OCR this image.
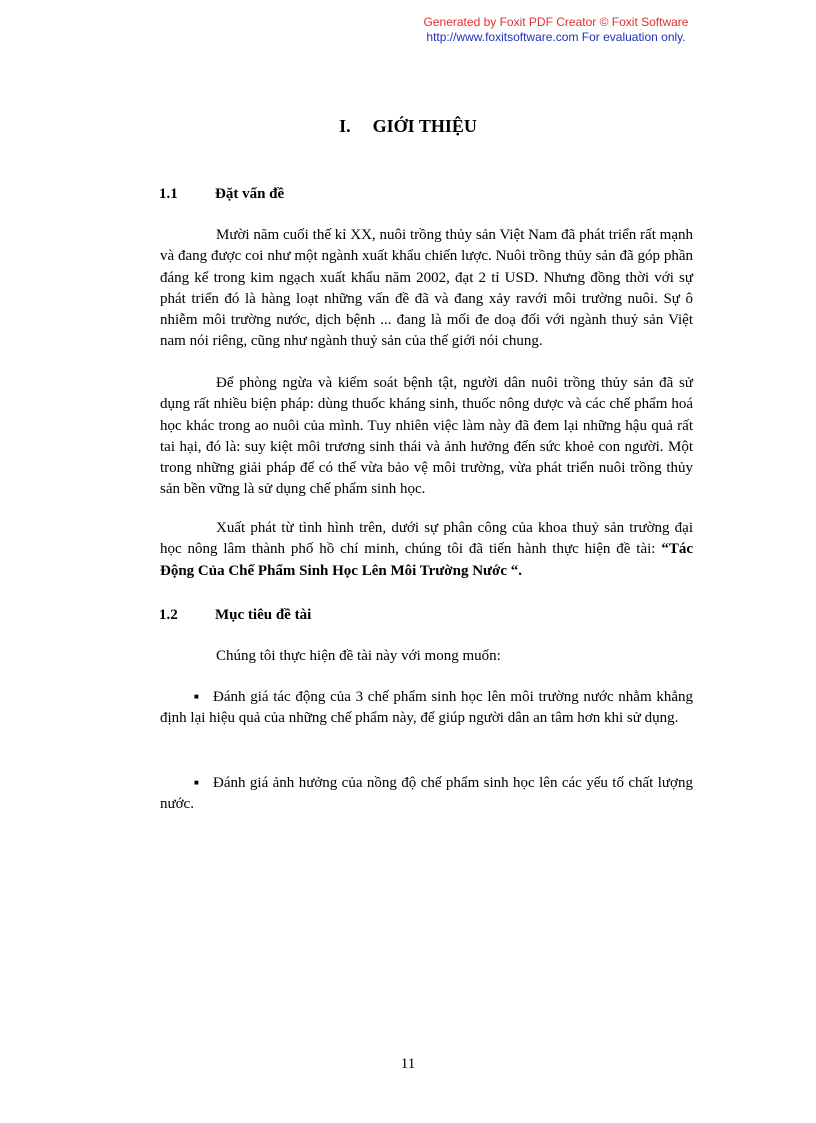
Generated by Foxit PDF Creator © Foxit Software
http://www.foxitsoftware.com For evaluation only.
I. GIỚI THIỆU
1.1 Đặt vấn đề

Mười năm cuối thế kỉ XX, nuôi trồng thủy sản Việt Nam đã phát triển rất mạnh và đang được coi như một ngành xuất khẩu chiến lược. Nuôi trồng thủy sản đã góp phần đáng kể trong kim ngạch xuất khẩu năm 2002, đạt 2 tỉ USD. Nhưng đồng thời với sự phát triển đó là hàng loạt những vấn đề đã và đang xảy ravới môi trường nuôi. Sự ô nhiễm môi trường nước, dịch bệnh ... đang là mối đe doạ đối với ngành thuỷ sản Việt nam nói riêng, cũng như ngành thuỷ sản của thế giới nói chung.

Để phòng ngừa và kiểm soát bệnh tật, người dân nuôi trồng thủy sản đã sử dụng rất nhiều biện pháp: dùng thuốc kháng sinh, thuốc nông dược và các chế phẩm hoá học khác trong ao nuôi của mình. Tuy nhiên việc làm này đã đem lại những hậu quả rất tai hại, đó là: suy kiệt môi trương sinh thái và ảnh hưởng đến sức khoẻ con người. Một trong những giải pháp để có thể vừa bảo vệ môi trường, vừa phát triển nuôi trồng thủy sản bền vững là sử dụng chế phẩm sinh học.

Xuất phát từ tình hình trên, dưới sự phân công của khoa thuỷ sản trường đại học nông lâm thành phố hồ chí minh, chúng tôi đã tiến hành thực hiện đề tài: “Tác Động Của Chế Phẩm Sinh Học Lên Môi Trường Nước “.

1.2 Mục tiêu đề tài

Chúng tôi thực hiện đề tài này với mong muốn:

■ Đánh giá tác động của 3 chế phẩm sinh học lên môi trường nước nhằm khẳng định lại hiệu quả của những chế phẩm này, để giúp người dân an tâm hơn khi sử dụng.

■ Đánh giá ảnh hưởng của nồng độ chế phẩm sinh học lên các yếu tố chất lượng nước.

11
